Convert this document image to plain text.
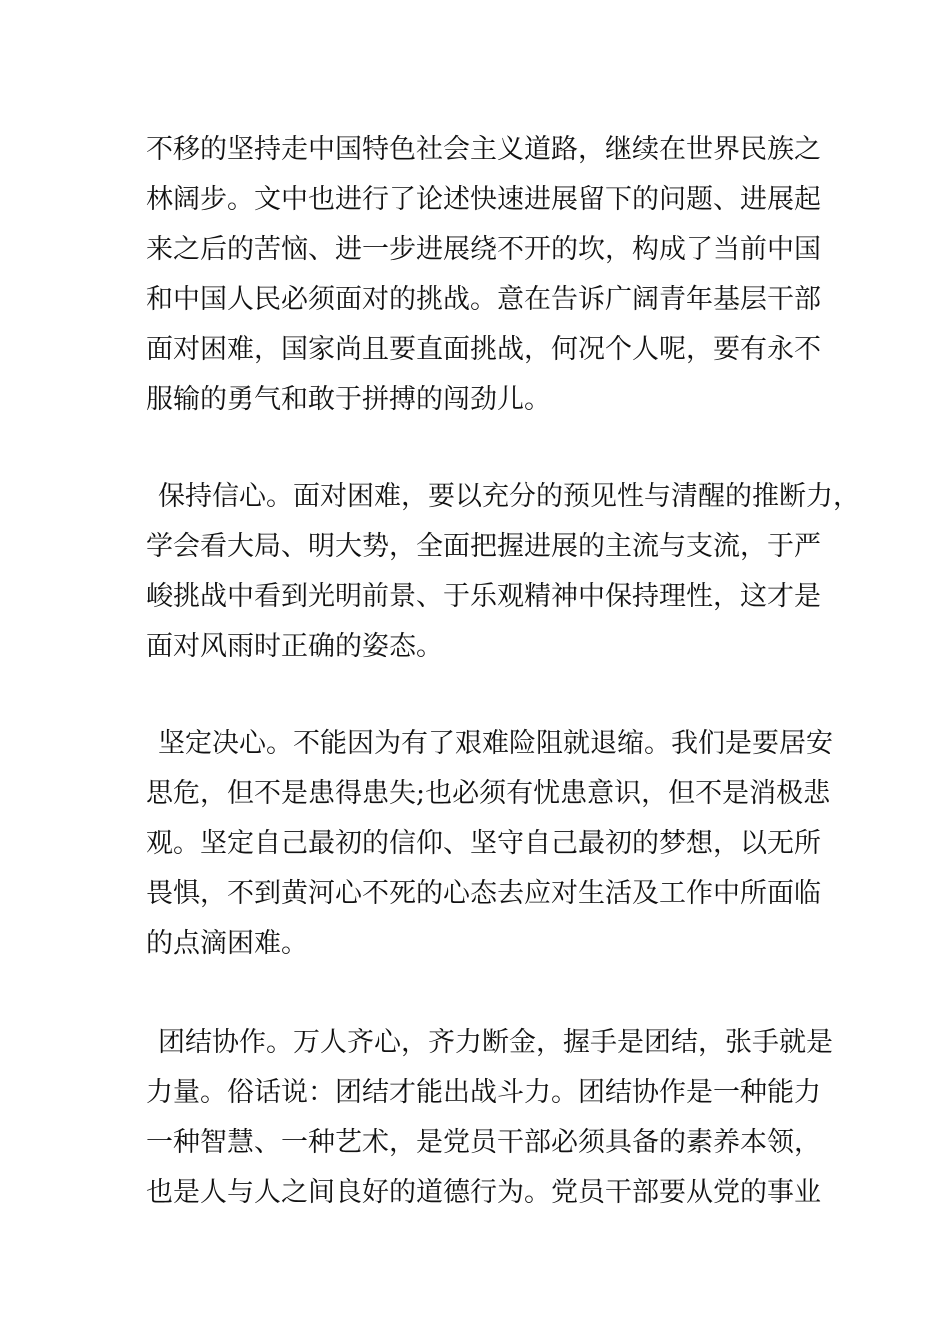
不移的坚持走中国特色社会主义道路，继续在世界民族之
林阔步。文中也进行了论述快速进展留下的问题、进展起
来之后的苦恼、进一步进展绕不开的坎，构成了当前中国
和中国人民必须面对的挑战。意在告诉广阔青年基层干部
面对困难，国家尚且要直面挑战，何况个人呢，要有永不
服输的勇气和敢于拼搏的闯劲儿。
保持信心。面对困难，要以充分的预见性与清醒的推断力，
学会看大局、明大势，全面把握进展的主流与支流，于严
峻挑战中看到光明前景、于乐观精神中保持理性，这才是
面对风雨时正确的姿态。
坚定决心。不能因为有了艰难险阻就退缩。我们是要居安
思危，但不是患得患失;也必须有忧患意识，但不是消极悲
观。坚定自己最初的信仰、坚守自己最初的梦想，以无所
畏惧，不到黄河心不死的心态去应对生活及工作中所面临
的点滴困难。
团结协作。万人齐心，齐力断金，握手是团结，张手就是
力量。俗话说：团结才能出战斗力。团结协作是一种能力
一种智慧、一种艺术，是党员干部必须具备的素养本领，
也是人与人之间良好的道德行为。党员干部要从党的事业
